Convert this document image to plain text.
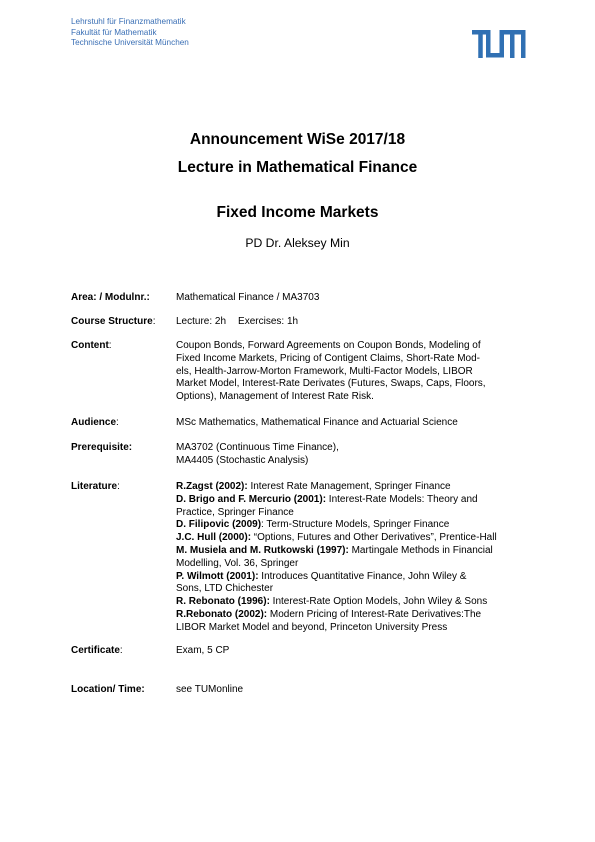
Lehrstuhl für Finanzmathematik
Fakultät für Mathematik
Technische Universität München
Announcement WiSe 2017/18
Lecture in Mathematical Finance
Fixed Income Markets
PD Dr. Aleksey Min
Area: / Modulnr.:	Mathematical Finance / MA3703
Course Structure: Lecture: 2h Exercises: 1h
Content:	Coupon Bonds, Forward Agreements on Coupon Bonds, Modeling of
Fixed Income Markets, Pricing of Contigent Claims, Short-Rate Mod-
els, Health-Jarrow-Morton Framework, Multi-Factor Models, LIBOR
Market Model, Interest-Rate Derivates (Futures, Swaps, Caps, Floors,
Options), Management of Interest Rate Risk.
Audience:	MSc Mathematics, Mathematical Finance and Actuarial Science
Prerequisite:	MA3702 (Continuous Time Finance),
MA4405 (Stochastic Analysis)
Literature:	R.Zagst (2002): Interest Rate Management, Springer Finance
D. Brigo and F. Mercurio (2001): Interest-Rate Models: Theory and
Practice, Springer Finance
D. Filipovic (2009): Term-Structure Models, Springer Finance
J.C. Hull (2000): “Options, Futures and Other Derivatives”, Prentice-Hall
M. Musiela and M. Rutkowski (1997): Martingale Methods in Financial
Modelling, Vol. 36, Springer
P. Wilmott (2001): Introduces Quantitative Finance, John Wiley &
Sons, LTD Chichester
R. Rebonato (1996): Interest-Rate Option Models, John Wiley & Sons
R.Rebonato (2002): Modern Pricing of Interest-Rate Derivatives:The
LIBOR Market Model and beyond, Princeton University Press
Certificate:	Exam, 5 CP
Location/ Time:	see TUMonline
